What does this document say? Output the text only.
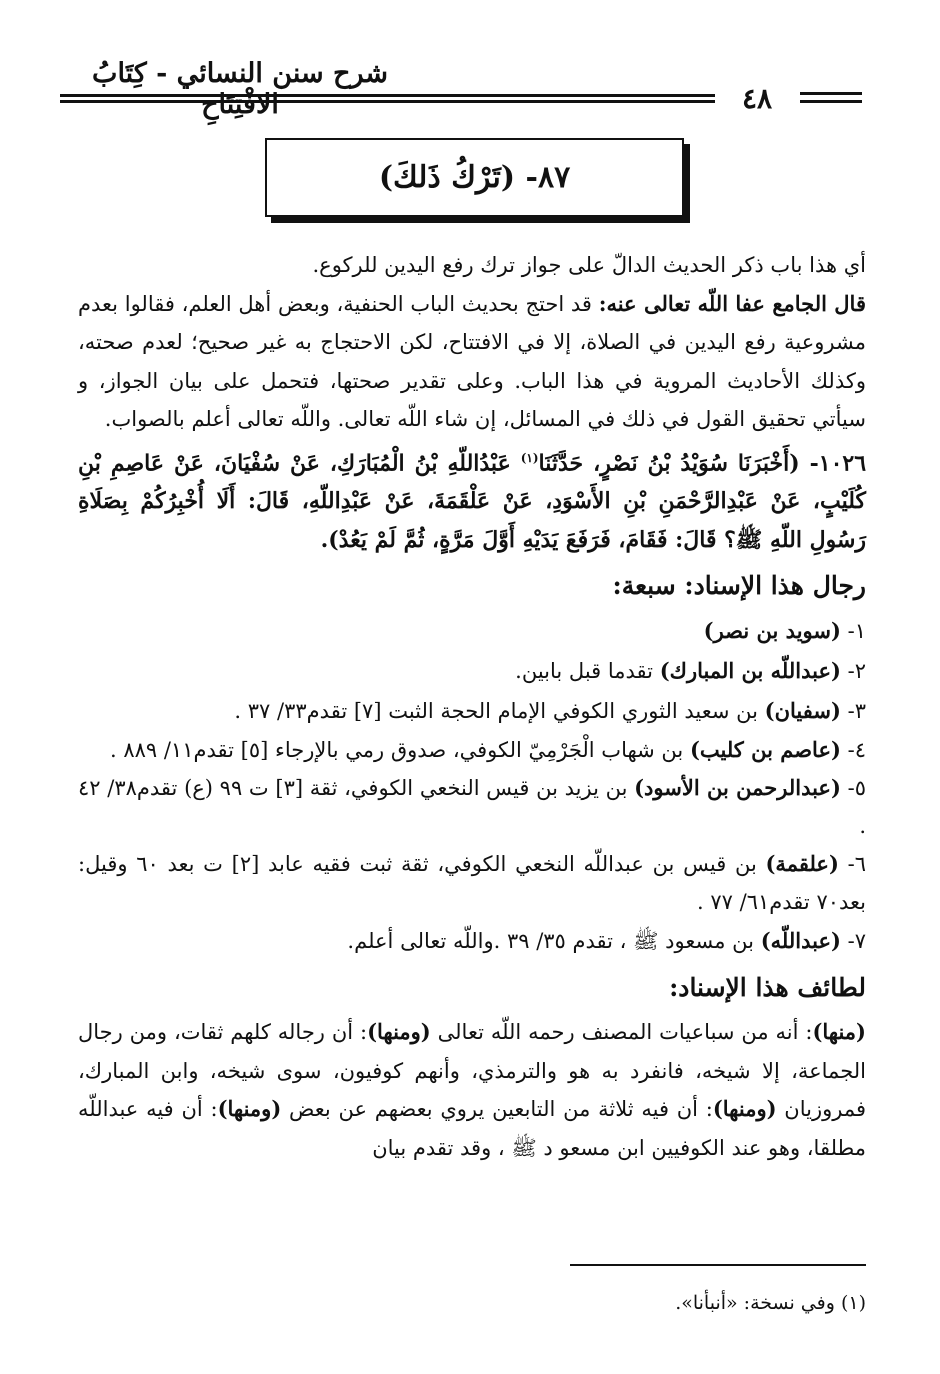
شرح سنن النسائي - كِتَابُ الافْتِتَاحِ	٤٨
٨٧- (تَرْكُ ذَلكَ)

أي هذا باب ذكر الحديث الدالّ على جواز ترك رفع اليدين للركوع.

قال الجامع عفا اللّه تعالى عنه: قد احتج بحديث الباب الحنفية، وبعض أهل العلم، فقالوا بعدم مشروعية رفع اليدين في الصلاة، إلا في الافتتاح، لكن الاحتجاج به غير صحيح؛ لعدم صحته، وكذلك الأحاديث المروية في هذا الباب. وعلى تقدير صحتها، فتحمل على بيان الجواز، و سيأتي تحقيق القول في ذلك في المسائل، إن شاء اللّه تعالى. واللّه تعالى أعلم بالصواب.

١٠٢٦- (أَخْبَرَنَا سُوَيْدُ بْنُ نَصْرٍ، حَدَّثَنَا$^{(١)}$ عَبْدُاللّهِ بْنُ الْمُبَارَكِ، عَنْ سُفْيَانَ، عَنْ عَاصِمِ بْنِ كُلَيْبٍ، عَنْ عَبْدِالرَّحْمَنِ بْنِ الأَسْوَدِ، عَنْ عَلْقَمَةَ، عَنْ عَبْدِاللّهِ، قَالَ: أَلَا أُخْبِرُكُمْ بِصَلَاةِ رَسُولِ اللّهِ ﷺ؟ قَالَ: فَقَامَ، فَرَفَعَ يَدَيْهِ أَوَّلَ مَرَّةٍ، ثُمَّ لَمْ يَعُدْ).

رجال هذا الإسناد: سبعة:

١- (سويد بن نصر)

٢- (عبداللّه بن المبارك) تقدما قبل بابين.

٣- (سفيان) بن سعيد الثوري الكوفي الإمام الحجة الثبت [٧] تقدم٣٣/ ٣٧ .

٤- (عاصم بن كليب) بن شهاب الْجَرْمِيّ الكوفي، صدوق رمي بالإرجاء [٥] تقدم١١/ ٨٨٩ .

٥- (عبدالرحمن بن الأسود) بن يزيد بن قيس النخعي الكوفي، ثقة [٣] ت ٩٩ (ع) تقدم٣٨/ ٤٢ .

٦- (علقمة) بن قيس بن عبداللّه النخعي الكوفي، ثقة ثبت فقيه عابد [٢] ت بعد ٦٠ وقيل: بعد٧٠ تقدم٦١/ ٧٧ .

٧- (عبداللّه) بن مسعود ﷺ ، تقدم ٣٥/ ٣٩ .واللّه تعالى أعلم.

لطائف هذا الإسناد:

(منها): أنه من سباعيات المصنف رحمه اللّه تعالى (ومنها): أن رجاله كلهم ثقات، ومن رجال الجماعة، إلا شيخه، فانفرد به هو والترمذي، وأنهم كوفيون، سوى شيخه، وابن المبارك، فمروزيان (ومنها): أن فيه ثلاثة من التابعين يروي بعضهم عن بعض (ومنها): أن فيه عبداللّه مطلقا، وهو عند الكوفيين ابن مسعو د ﷺ ، وقد تقدم بيان

(١) وفي نسخة: «أنبأنا».
